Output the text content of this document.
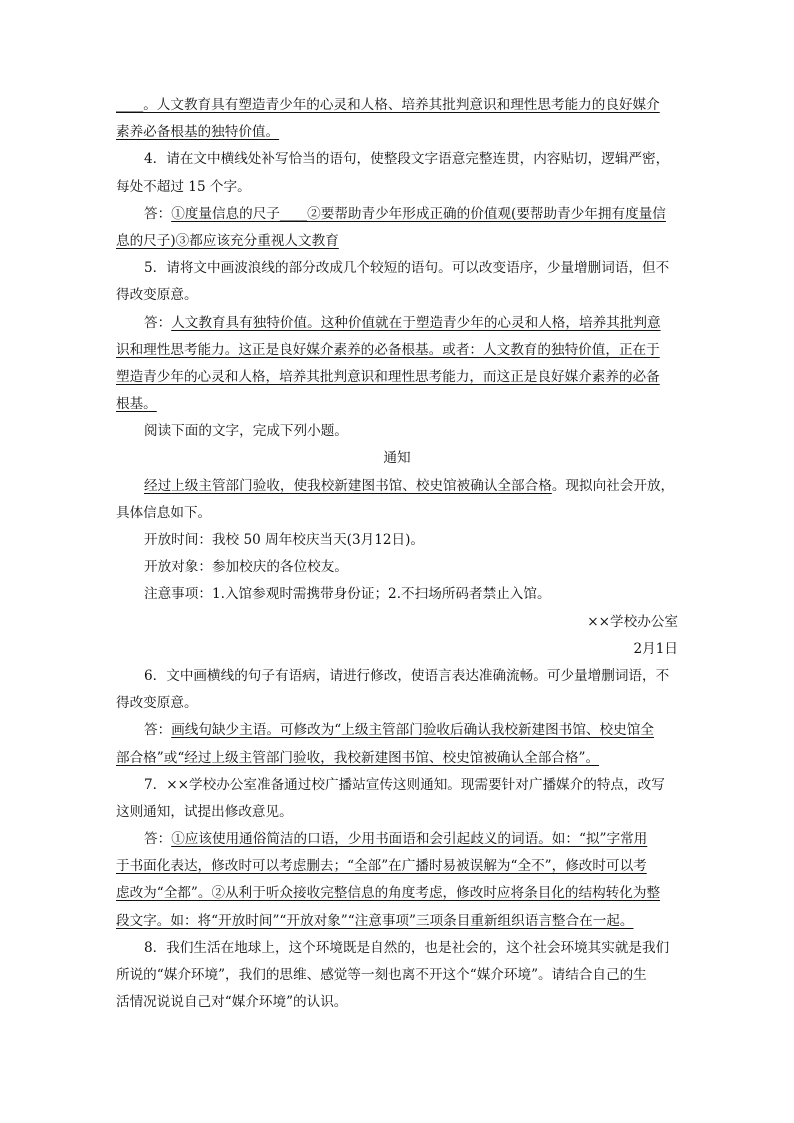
____。人文教育具有塑造青少年的心灵和人格、培养其批判意识和理性思考能力的良好媒介
素养必备根基的独特价值。
4．请在文中横线处补写恰当的语句，使整段文字语意完整连贯，内容贴切，逻辑严密，
每处不超过 15 个字。
答：①度量信息的尺子____②要帮助青少年形成正确的价值观(要帮助青少年拥有度量信
息的尺子)③都应该充分重视人文教育
5．请将文中画波浪线的部分改成几个较短的语句。可以改变语序，少量增删词语，但不
得改变原意。
答：人文教育具有独特价值。这种价值就在于塑造青少年的心灵和人格，培养其批判意
识和理性思考能力。这正是良好媒介素养的必备根基。或者：人文教育的独特价值，正在于
塑造青少年的心灵和人格，培养其批判意识和理性思考能力，而这正是良好媒介素养的必备
根基。
阅读下面的文字，完成下列小题。
通知
经过上级主管部门验收，使我校新建图书馆、校史馆被确认全部合格。现拟向社会开放，
具体信息如下。
开放时间：我校 50 周年校庆当天(3月12日)。
开放对象：参加校庆的各位校友。
注意事项：1.入馆参观时需携带身份证；2.不扫场所码者禁止入馆。
××学校办公室
2月1日
6．文中画横线的句子有语病，请进行修改，使语言表达准确流畅。可少量增删词语，不
得改变原意。
答：画线句缺少主语。可修改为“上级主管部门验收后确认我校新建图书馆、校史馆全
部合格”或“经过上级主管部门验收，我校新建图书馆、校史馆被确认全部合格”。
7．××学校办公室准备通过校广播站宣传这则通知。现需要针对广播媒介的特点，改写
这则通知，试提出修改意见。
答：①应该使用通俗简洁的口语，少用书面语和会引起歧义的词语。如：“拟”字常用
于书面化表达，修改时可以考虑删去；“全部”在广播时易被误解为“全不”，修改时可以考
虑改为“全都”。②从利于听众接收完整信息的角度考虑，修改时应将条目化的结构转化为整
段文字。如：将“开放时间”“开放对象”“注意事项”三项条目重新组织语言整合在一起。
8．我们生活在地球上，这个环境既是自然的，也是社会的，这个社会环境其实就是我们
所说的“媒介环境”，我们的思维、感觉等一刻也离不开这个“媒介环境”。请结合自己的生
活情况说说自己对“媒介环境”的认识。
